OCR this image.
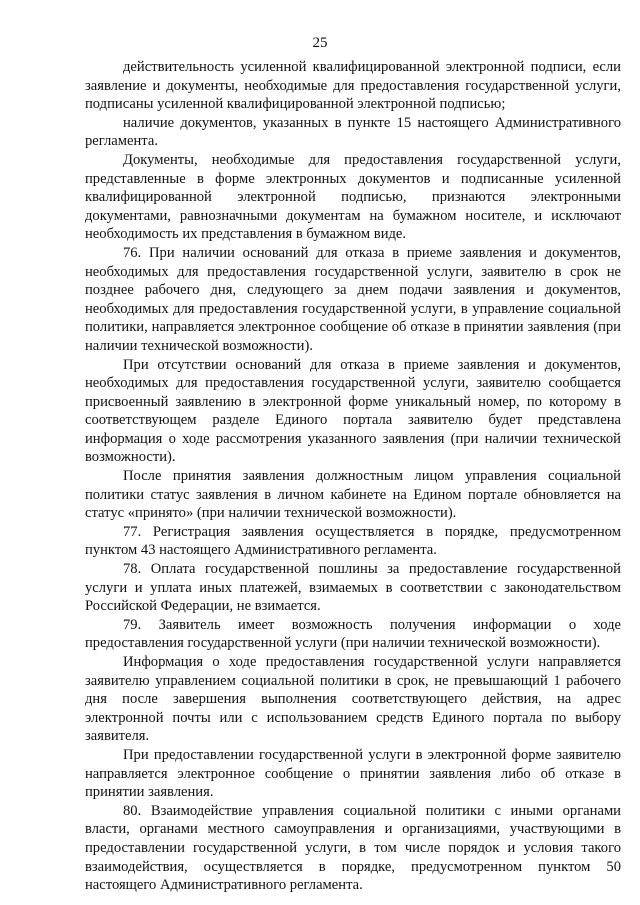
25

действительность усиленной квалифицированной электронной подписи, если заявление и документы, необходимые для предоставления государственной услуги, подписаны усиленной квалифицированной электронной подписью;

наличие документов, указанных в пункте 15 настоящего Административного регламента.

Документы, необходимые для предоставления государственной услуги, представленные в форме электронных документов и подписанные усиленной квалифицированной электронной подписью, признаются электронными документами, равнозначными документам на бумажном носителе, и исключают необходимость их представления в бумажном виде.

76. При наличии оснований для отказа в приеме заявления и документов, необходимых для предоставления государственной услуги, заявителю в срок не позднее рабочего дня, следующего за днем подачи заявления и документов, необходимых для предоставления государственной услуги, в управление социальной политики, направляется электронное сообщение об отказе в принятии заявления (при наличии технической возможности).

При отсутствии оснований для отказа в приеме заявления и документов, необходимых для предоставления государственной услуги, заявителю сообщается присвоенный заявлению в электронной форме уникальный номер, по которому в соответствующем разделе Единого портала заявителю будет представлена информация о ходе рассмотрения указанного заявления (при наличии технической возможности).

После принятия заявления должностным лицом управления социальной политики статус заявления в личном кабинете на Едином портале обновляется на статус «принято» (при наличии технической возможности).

77. Регистрация заявления осуществляется в порядке, предусмотренном пунктом 43 настоящего Административного регламента.

78. Оплата государственной пошлины за предоставление государственной услуги и уплата иных платежей, взимаемых в соответствии с законодательством Российской Федерации, не взимается.

79. Заявитель имеет возможность получения информации о ходе предоставления государственной услуги (при наличии технической возможности).

Информация о ходе предоставления государственной услуги направляется заявителю управлением социальной политики в срок, не превышающий 1 рабочего дня после завершения выполнения соответствующего действия, на адрес электронной почты или с использованием средств Единого портала по выбору заявителя.

При предоставлении государственной услуги в электронной форме заявителю направляется электронное сообщение о принятии заявления либо об отказе в принятии заявления.

80. Взаимодействие управления социальной политики с иными органами власти, органами местного самоуправления и организациями, участвующими в предоставлении государственной услуги, в том числе порядок и условия такого взаимодействия, осуществляется в порядке, предусмотренном пунктом 50 настоящего Административного регламента.
